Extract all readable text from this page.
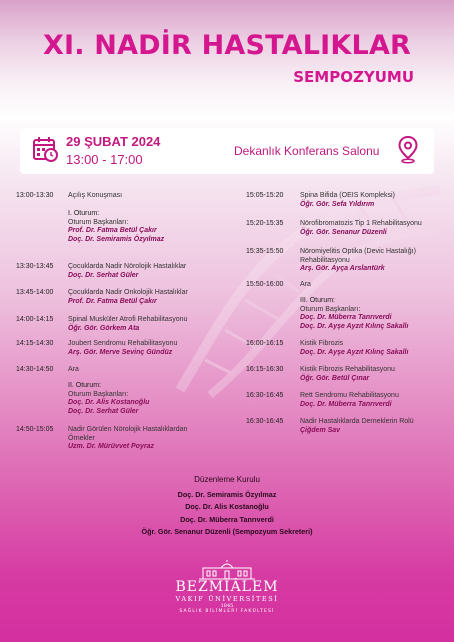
XI. NADİR HASTALIKLAR
SEMPOZYUMU
29 ŞUBAT 2024
13:00 - 17:00
Dekanlık Konferans Salonu
13:00-13:30 Açılış Konuşması
I. Oturum:
Oturum Başkanları:
Prof. Dr. Fatma Betül Çakır
Doç. Dr. Semiramis Özyılmaz
13:30-13:45 Çocuklarda Nadir Nörolojik Hastalıklar
Doç. Dr. Serhat Güler
13:45-14:00 Çocuklarda Nadir Onkolojik Hastalıklar
Prof. Dr. Fatma Betül Çakır
14:00-14:15 Spinal Musküler Atrofi Rehabilitasyonu
Öğr. Gör. Görkem Ata
14:15-14:30 Joubert Sendromu Rehabilitasyonu
Arş. Gör. Merve Sevinç Gündüz
14:30-14:50 Ara
II. Oturum:
Oturum Başkanları:
Doç. Dr. Alis Kostanoğlu
Doç. Dr. Serhat Güler
14:50-15:05 Nadir Görülen Nörolojik Hastalıklardan
Örnekler
Uzm. Dr. Mürüvvet Poyraz
15:05-15:20 Spina Bifida (OEIS Kompleksi)
Öğr. Gör. Sefa Yıldırım
15:20-15:35 Nörofibromatozis Tip 1 Rehabilitasyonu
Öğr. Gör. Senanur Düzenli
15:35-15:50 Nöromiyelitis Optika (Devic Hastalığı)
Rehabilitasyonu
Arş. Gör. Ayça Arslantürk
15:50-16:00 Ara
III. Oturum:
Oturum Başkanları:
Doç. Dr. Müberra Tanrıverdi
Doç. Dr. Ayşe Ayzıt Kılınç Sakallı
16:00-16:15 Kistik Fibrozis
Doç. Dr. Ayşe Ayzıt Kılınç Sakallı
16:15-16:30 Kistik Fibrozis Rehabilitasyonu
Öğr. Gör. Betül Çınar
16:30-16:45 Rett Sendromu Rehabilitasyonu
Doç. Dr. Müberra Tanrıverdi
16:30-16:45 Nadir Hastalıklarda Derneklerin Rolü
Çiğdem Sav
Düzenleme Kurulu
Doç. Dr. Semiramis Özyılmaz
Doç. Dr. Alis Kostanoğlu
Doç. Dr. Müberra Tanrıverdi
Öğr. Gör. Senanur Düzenli (Sempozyum Sekreteri)
BEZMİÂLEM
VAKIF ÜNİVERSİTESİ
1845
SAĞLIK BİLİMLERİ FAKÜLTESİ
